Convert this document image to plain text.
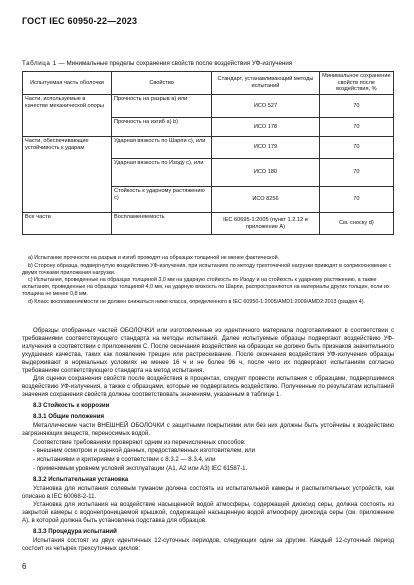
ГОСТ IEC 60950-22—2023
Таблица 1 — Минимальные пределы сохранения свойств после воздействия УФ-излучения
Испытуемая часть оболочки	Свойство	Стандарт, устанавливающий методы испытаний	Минимальное сохранение свойств после воздействия, %
Части, используемые в качестве механической опоры	Прочность на разрыв a) или	ИСО 527	70
	Прочность на изгиб a) b)	ИСО 178	70
Части, обеспечивающие устойчивость к ударам	Ударная вязкость по Шарпи c), или	ИСО 179	70
	Ударная вязкость по Изоду c), или	ИСО 180	70
	Стойкость к ударному растяжению c)	ИСО 8256	70
Все части	Воспламеняемость	IEC 60695-1:2005 (пункт 1.2.12 и приложение А)	См. сноску d)

a) Испытание прочности на разрыв и изгиб проводят на образцах толщиной не менее фактической.

b) Сторону образца, подвергнутую воздействию УФ-излучения, при испытаниях по методу трехточечной нагрузки приводят в соприкосновение с двумя точками приложения нагрузки.

c) Испытания, проведенные на образцах толщиной 3,0 мм на ударную стойкость по Изоду и на стойкость к ударному растяжению, а также испытания, проведенные на образцах толщиной 4,0 мм, на ударную вязкость по Шарпи, распространяются на материалы других толщин, если их толщина не менее 0,8 мм.

d) Класс воспламеняемости не должен снижаться ниже класса, определенного в IEC 60950-1:2005/AMD1:2009/AMD2:2013 (раздел 4).

Образцы отобранных частей ОБОЛОЧКИ или изготовленные из идентичного материала подготавливают в соответствии с требованиями соответствующего стандарта на методы испытаний. Далее испытуемые образцы подвергают воздействию УФ-излучения в соответствии с приложением С. После окончания воздействия на образцах не должно быть признаков значительного ухудшения качества, таких как появление трещин или растрескивание. После окончания воздействия УФ-излучения образцы выдерживают в нормальных условиях не менее 16 ч и не более 96 ч, после чего их подвергают испытаниям согласно требованиям соответствующего стандарта на метод испытания.

Для оценки сохранения свойств после воздействия в процентах, следует провести испытания с образцами, подвергшимися воздействию УФ-излучения, а также с образцами, которые не подвергались воздействию. Полученные по результатам испытаний значения сохранения свойств должны соответствовать значениям, указанным в таблице 1.

8.3 Стойкость к коррозии
8.3.1 Общие положения

Металлические части ВНЕШНЕЙ ОБОЛОЧКИ с защитными покрытиями или без них должны быть устойчивы к воздействию загрязняющих веществ, переносимых водой.

Соответствие требованиям проверяют одним из перечисленных способов:

- внешним осмотром и оценкой данных, предоставленных изготовителем, или

- испытаниями и критериями в соответствии с 8.3.2 — 8.3.4, или

- применимым уровнем условий эксплуатации (А1, А2 или А3) IEC 61587-1.

8.3.2 Испытательная установка

Установка для испытания солевым туманом должна состоять из испытательной камеры и распылительных устройств, как описано в IEC 60068-2-11.

Установка для испытания на воздействие насыщенной водой атмосферы, содержащей диоксид серы, должна состоять из закрытой камеры с водонепроницаемой крышкой, содержащей насыщенную водой атмосферу диоксида серы (см. приложение А), в которой должна быть установлена подставка для образцов.

8.3.3 Процедура испытаний

Испытания состоят из двух идентичных 12-суточных периодов, следующих один за другим. Каждый 12-суточный период состоит из четырех трехсуточных циклов:

6
